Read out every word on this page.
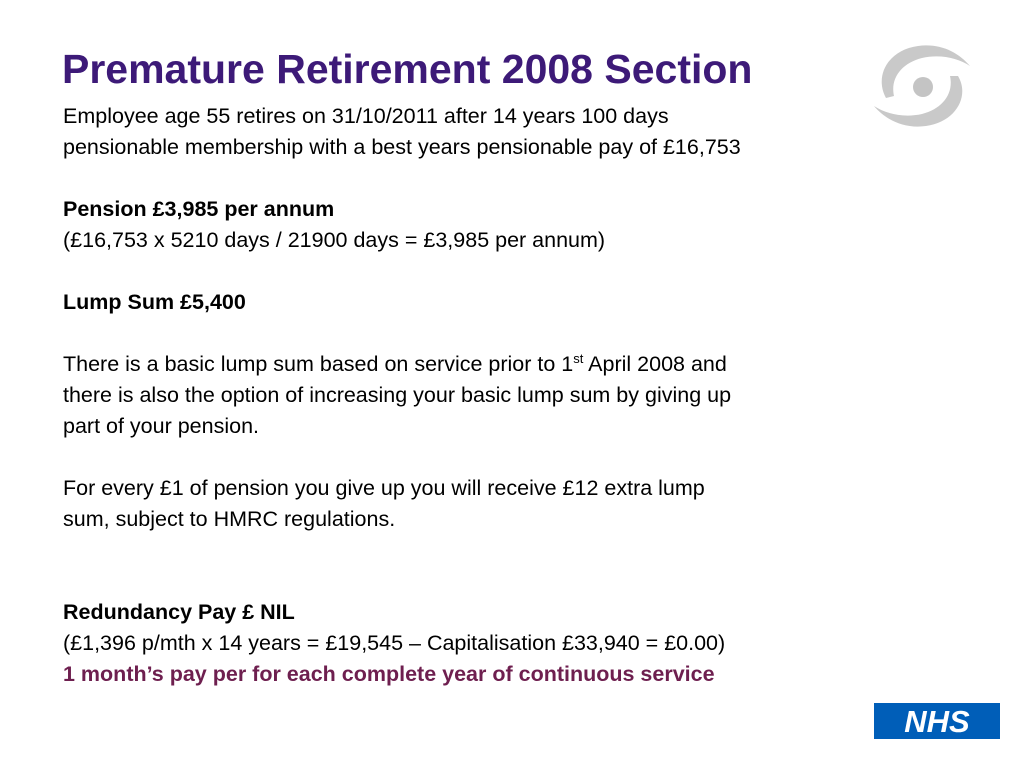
Premature Retirement 2008 Section

Employee age 55 retires on 31/10/2011 after 14 years 100 days

pensionable membership with a best years pensionable pay of £16,753

Pension £3,985 per annum

(£16,753 x 5210 days / 21900 days = £3,985 per annum)

Lump Sum £5,400

There is a basic lump sum based on service prior to 1st April 2008 and

there is also the option of increasing your basic lump sum by giving up

part of your pension.

For every £1 of pension you give up you will receive £12 extra lump

sum, subject to HMRC regulations.

Redundancy Pay £ NIL

(£1,396 p/mth x 14 years = £19,545 – Capitalisation £33,940 = £0.00)

1 month’s pay per for each complete year of continuous service

NHS
